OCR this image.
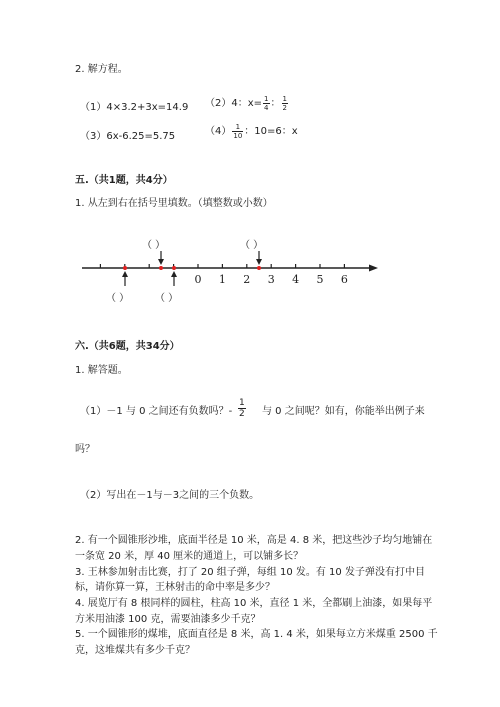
2. 解方程。
（1）4×3.2+3x=14.9 （2）4：$x= \frac{1}{4}$ ： $\frac{1}{2}$
（3）6x-6.25=5.75	$(4) \frac{1}{10}$ ：10=6：x
五.（共1题，共4分）
1. 从左到右在括号里填数。（填整数或小数）
0 1 2 3 4 5 6
（ ）	（ ）
（ ）	（ ）
六.（共6题，共34分）
1. 解答题。
（1）－1 与 0 之间还有负数吗？- $\frac{1}{2}$ 与 0 之间呢？如有，你能举出例子来
吗？
（2）写出在－1与－3之间的三个负数。
2. 有一个圆锥形沙堆，底面半径是 10 米，高是 4. 8 米，把这些沙子均匀地铺在
一条宽 20 米，厚 40 厘米的通道上，可以铺多长？
3. 王林参加射击比赛，打了 20 组子弹，每组 10 发。有 10 发子弹没有打中目
标，请你算一算，王林射击的命中率是多少？
4. 展览厅有 8 根同样的圆柱，柱高 10 米，直径 1 米，全都刷上油漆，如果每平
方米用油漆 100 克，需要油漆多少千克？
5. 一个圆锥形的煤堆，底面直径是 8 米，高 1. 4 米，如果每立方米煤重 2500 千
克，这堆煤共有多少千克？
